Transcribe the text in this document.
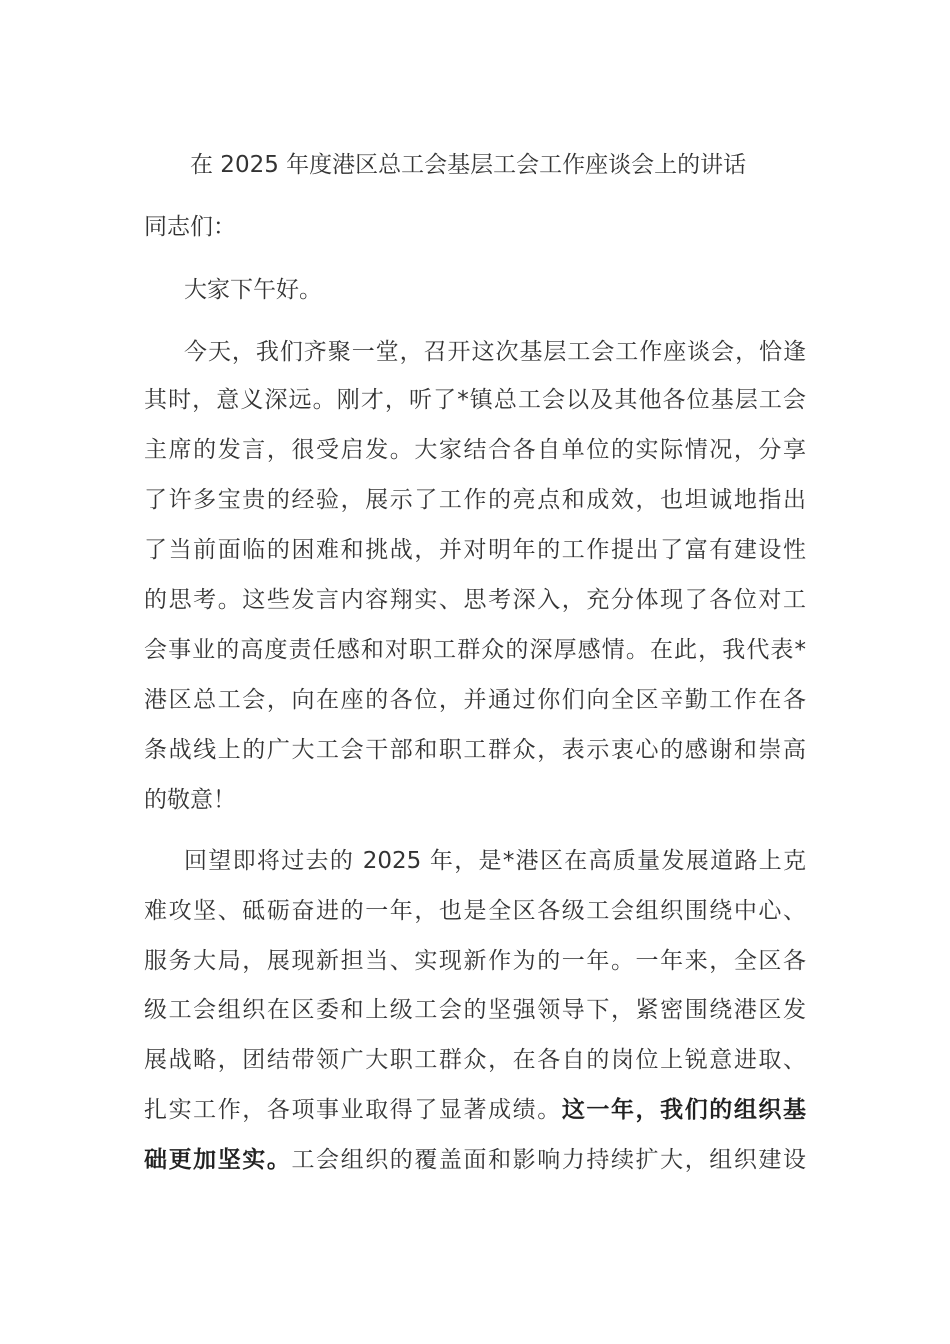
在 2025 年度港区总工会基层工会工作座谈会上的讲话
同志们：
大家下午好。
今天，我们齐聚一堂，召开这次基层工会工作座谈会，恰逢
其时，意义深远。刚才，听了*镇总工会以及其他各位基层工会
主席的发言，很受启发。大家结合各自单位的实际情况，分享
了许多宝贵的经验，展示了工作的亮点和成效，也坦诚地指出
了当前面临的困难和挑战，并对明年的工作提出了富有建设性
的思考。这些发言内容翔实、思考深入，充分体现了各位对工
会事业的高度责任感和对职工群众的深厚感情。在此，我代表*
港区总工会，向在座的各位，并通过你们向全区辛勤工作在各
条战线上的广大工会干部和职工群众，表示衷心的感谢和崇高
的敬意！
回望即将过去的 2025 年，是*港区在高质量发展道路上克
难攻坚、砥砺奋进的一年，也是全区各级工会组织围绕中心、
服务大局，展现新担当、实现新作为的一年。一年来，全区各
级工会组织在区委和上级工会的坚强领导下，紧密围绕港区发
展战略，团结带领广大职工群众，在各自的岗位上锐意进取、
扎实工作，各项事业取得了显著成绩。这一年，我们的组织基
础更加坚实。工会组织的覆盖面和影响力持续扩大，组织建设
